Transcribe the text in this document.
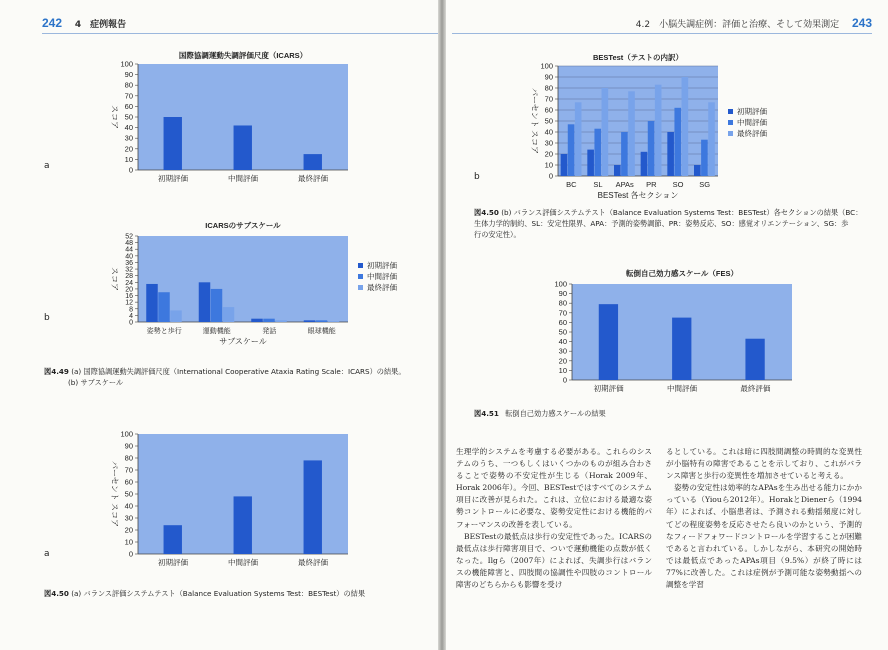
242 4　症例報告
国際協調運動失調評価尺度（ICARS）
0
10
20
30
40
50
60
70
80
90
100
スコア
初期評価	中間評価	最終評価
a
ICARSのサブスケール
0
4
8
12
16
20
24
28
32
36
40
44
48
52
スコア
姿勢と歩行	運動機能	発話	眼球機能
サブスケール
初期評価
中間評価
最終評価
b
図4.49 (a) 国際協調運動失調評価尺度（International Cooperative Ataxia Rating Scale：ICARS）の結果。
(b) サブスケール
0
10
20
30
40
50
60
70
80
90
100
パーセント スコア
初期評価	中間評価	最終評価
a
図4.50 (a) バランス評価システムテスト（Balance Evaluation Systems Test：BESTest）の結果
4.2　小脳失調症例：評価と治療、そして効果測定 243
BESTest（テストの内訳）
0
10
20
30
40
50
60
70
80
90
100
パーセント スコア
BC SL APAs PR SO SG
BESTest 各セクション
初期評価
中間評価
最終評価
b
図4.50 (b) バランス評価システムテスト（Balance Evaluation Systems Test：BESTest）各セクションの結果（BC：
生体力学的制約、SL：安定性限界、APA：予測的姿勢調節、PR：姿勢反応、SO：感覚オリエンテーション、SG：歩
行の安定性）。
転倒自己効力感スケール（FES）
0
10
20
30
40
50
60
70
80
90
100
初期評価	中間評価	最終評価
図4.51 転倒自己効力感スケールの結果

生理学的システムを考慮する必要がある。これらのシステムのうち、一つもしくはいくつかのものが組み合わさることで姿勢の不安定性が生じる（Horak 2009年、Horak 2006年）。今回、BESTestではすべてのシステム項目に改善が見られた。これは、立位における最適な姿勢コントロールに必要な、姿勢安定性における機能的パフォーマンスの改善を表している。

BESTestの最低点は歩行の安定性であった。ICARSの最低点は歩行障害項目で、ついで運動機能の点数が低くなった。Ilgら（2007年）によれば、失調歩行はバランスの機能障害と、四肢間の協調性や四肢のコントロール障害のどちらからも影響を受け

るとしている。これは暗に四肢間調整の時間的な変異性が小脳特有の障害であることを示しており、これがバランス障害と歩行の変異性を増加させていると考える。

姿勢の安定性は効率的なAPAsを生み出せる能力にかかっている（Yiouら2012年）。HorakとDienerら（1994年）によれば、小脳患者は、予測される動揺頻度に対してどの程度姿勢を反応させたら良いのかという、予測的なフィードフォワードコントロールを学習することが困難であると言われている。しかしながら、本研究の開始時では最低点であったAPAs項目（9.5%）が終了時には77%に改善した。これは症例が予測可能な姿勢動揺への調整を学習
